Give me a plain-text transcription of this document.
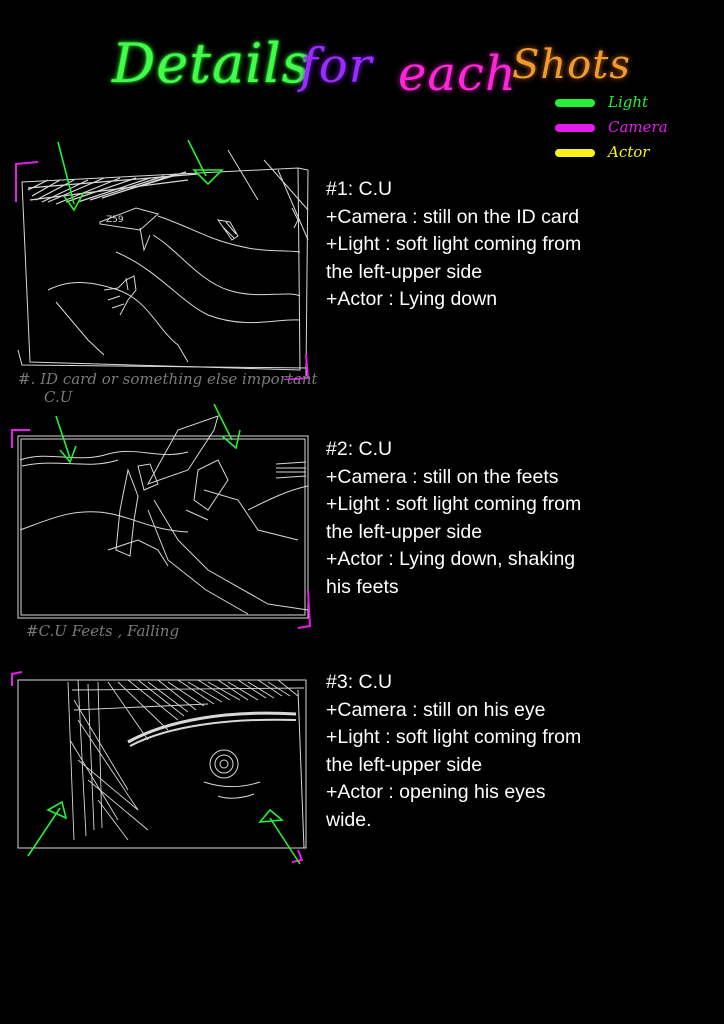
Details
for each
Shots
Light
Camera
Actor
Z59
#. ID card or something else important
C.U
#1: C.U
+Camera : still on the ID card
+Light : soft light coming from
the left-upper side
+Actor : Lying down
#C.U Feets , Falling
#2: C.U
+Camera : still on the feets
+Light : soft light coming from
the left-upper side
+Actor : Lying down, shaking
his feets
#3: C.U
+Camera : still on his eye
+Light : soft light coming from
the left-upper side
+Actor : opening his eyes
wide.
